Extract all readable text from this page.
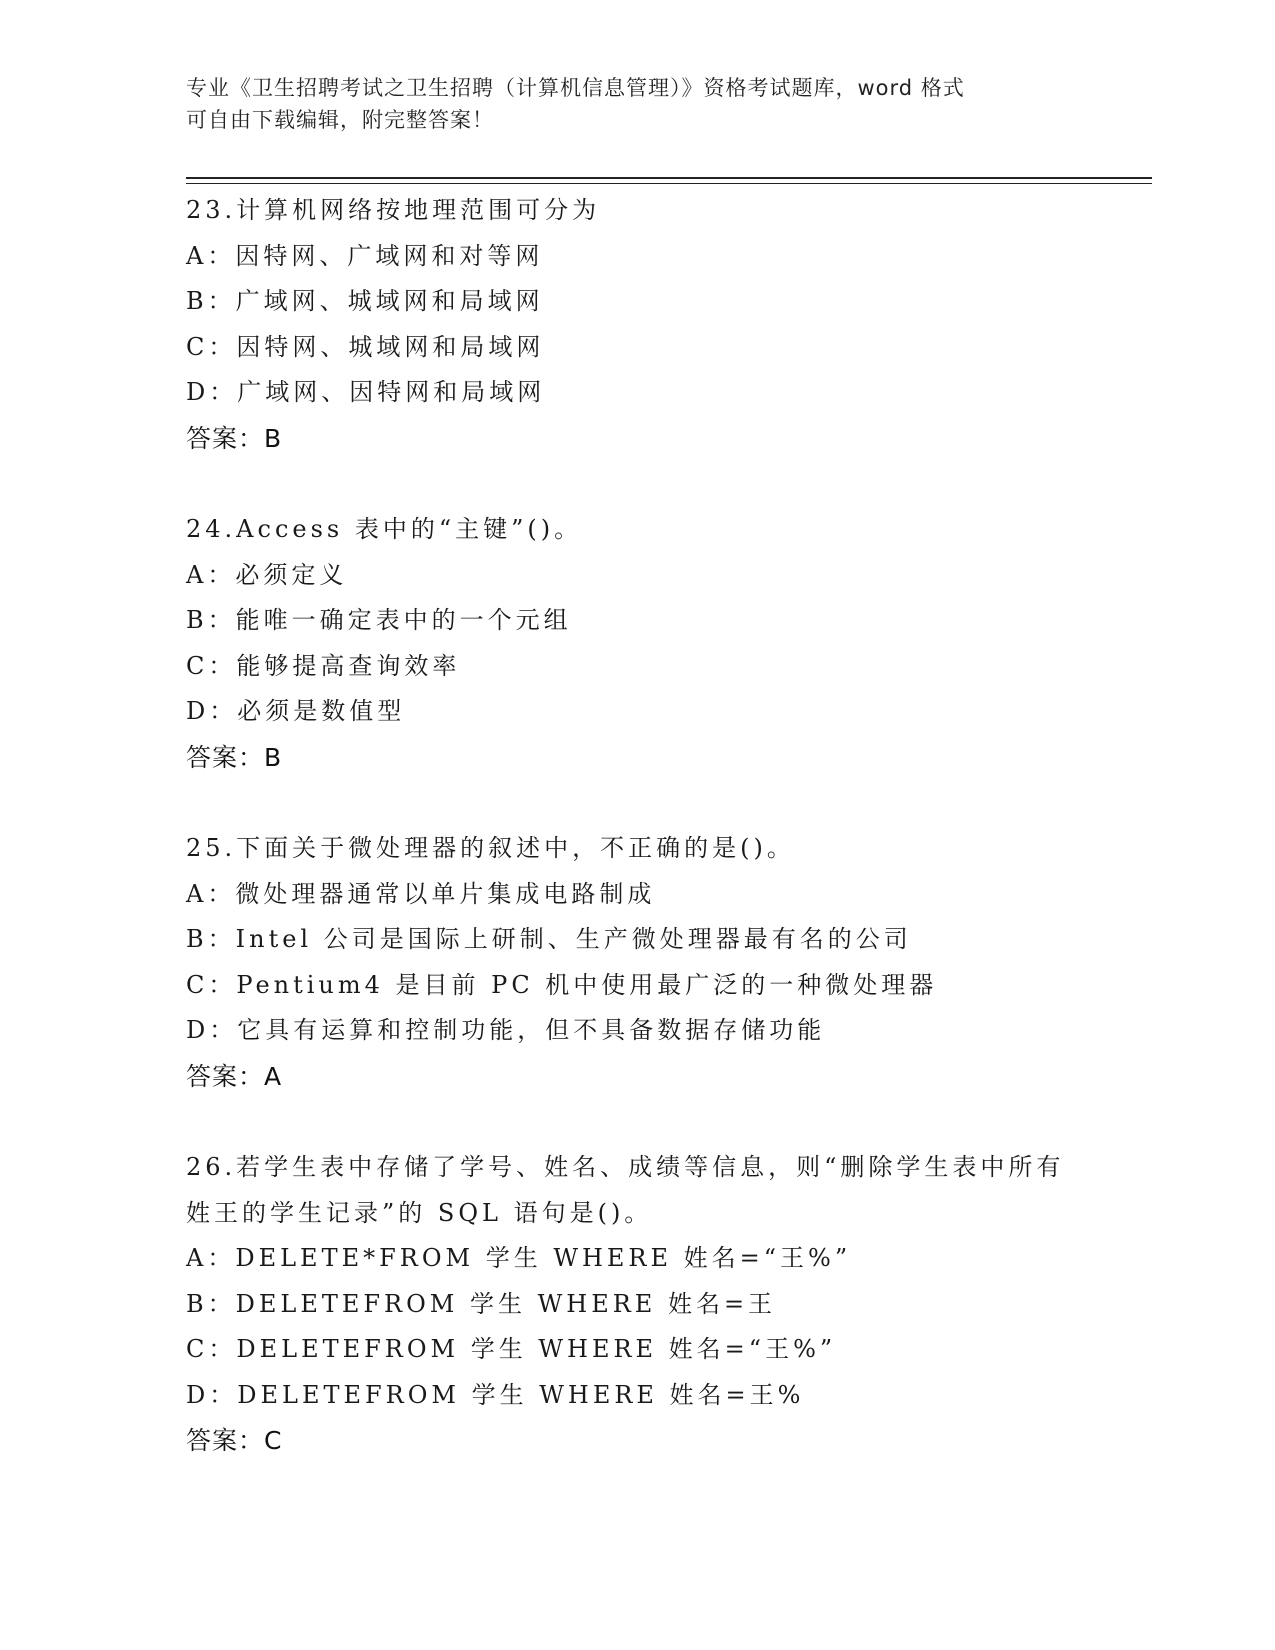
专业《卫生招聘考试之卫生招聘（计算机信息管理）》资格考试题库，word 格式
可自由下载编辑，附完整答案！
23.计算机网络按地理范围可分为
A：因特网、广域网和对等网
B：广域网、城域网和局域网
C：因特网、城域网和局域网
D：广域网、因特网和局域网
答案：B
24.Access 表中的“主键”()。
A：必须定义
B：能唯一确定表中的一个元组
C：能够提高查询效率
D：必须是数值型
答案：B
25.下面关于微处理器的叙述中，不正确的是()。
A：微处理器通常以单片集成电路制成
B：Intel 公司是国际上研制、生产微处理器最有名的公司
C：Pentium4 是目前 PC 机中使用最广泛的一种微处理器
D：它具有运算和控制功能，但不具备数据存储功能
答案：A
26.若学生表中存储了学号、姓名、成绩等信息，则“删除学生表中所有姓王的学生记录”的 SQL 语句是()。
A：DELETE*FROM 学生 WHERE 姓名=“王%”
B：DELETEFROM 学生 WHERE 姓名=王
C：DELETEFROM 学生 WHERE 姓名=“王%”
D：DELETEFROM 学生 WHERE 姓名=王%
答案：C
